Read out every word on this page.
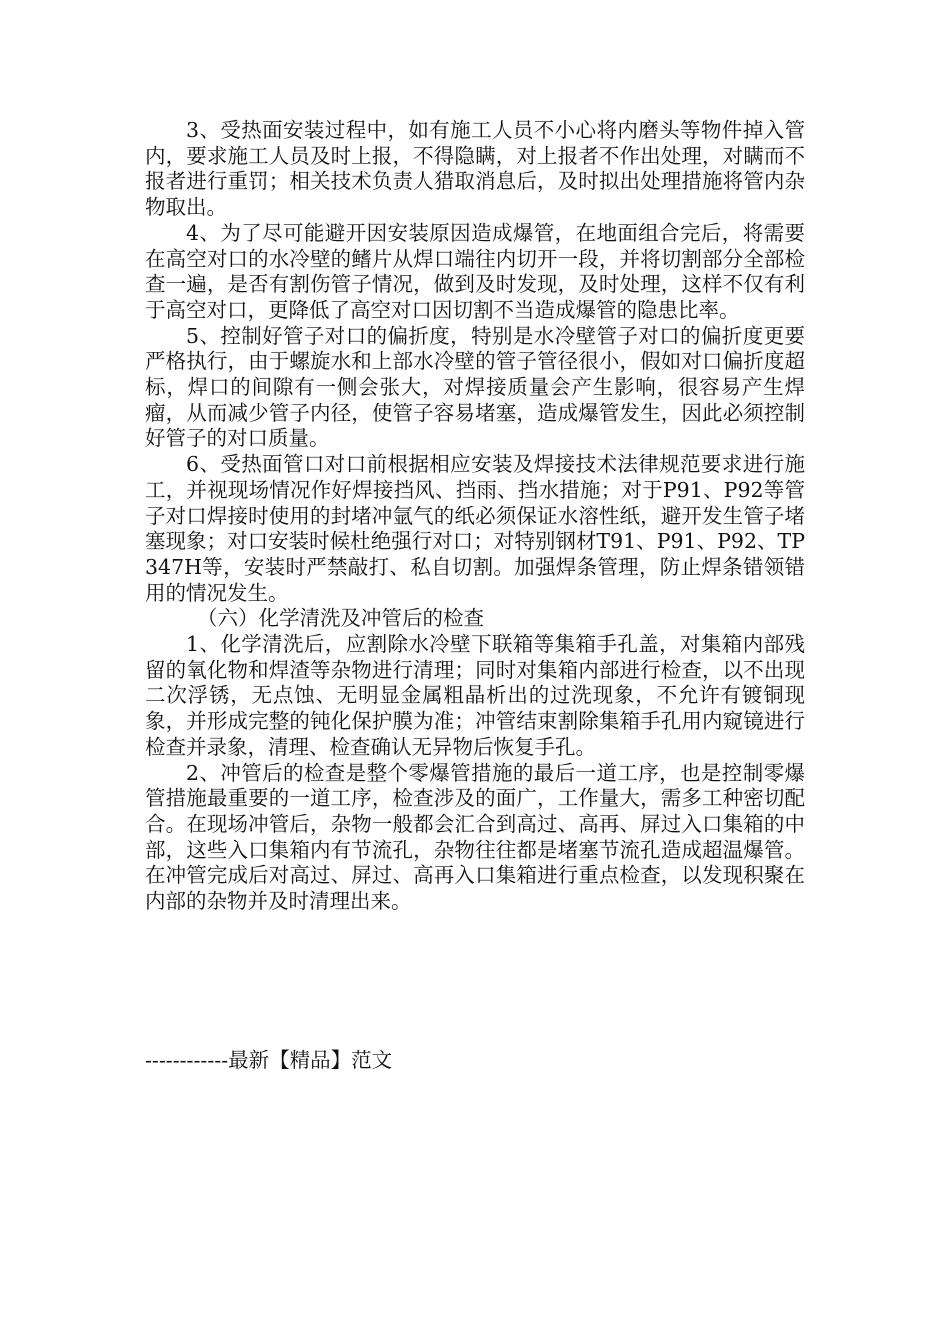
3、受热面安装过程中，如有施工人员不小心将内磨头等物件掉入管内，要求施工人员及时上报，不得隐瞒，对上报者不作出处理，对瞒而不报者进行重罚；相关技术负责人猎取消息后，及时拟出处理措施将管内杂物取出。

4、为了尽可能避开因安装原因造成爆管，在地面组合完后，将需要在高空对口的水冷壁的鳍片从焊口端往内切开一段，并将切割部分全部检查一遍，是否有割伤管子情况，做到及时发现，及时处理，这样不仅有利于高空对口，更降低了高空对口因切割不当造成爆管的隐患比率。

5、控制好管子对口的偏折度，特别是水冷壁管子对口的偏折度更要严格执行，由于螺旋水和上部水冷壁的管子管径很小，假如对口偏折度超标，焊口的间隙有一侧会张大，对焊接质量会产生影响，很容易产生焊瘤，从而减少管子内径，使管子容易堵塞，造成爆管发生，因此必须控制好管子的对口质量。

6、受热面管口对口前根据相应安装及焊接技术法律规范要求进行施工，并视现场情况作好焊接挡风、挡雨、挡水措施；对于P91、P92等管子对口焊接时使用的封堵冲氩气的纸必须保证水溶性纸，避开发生管子堵塞现象；对口安装时候杜绝强行对口；对特别钢材T91、P91、P92、TP347H等，安装时严禁敲打、私自切割。加强焊条管理，防止焊条错领错用的情况发生。

（六）化学清洗及冲管后的检查

1、化学清洗后，应割除水冷壁下联箱等集箱手孔盖，对集箱内部残留的氧化物和焊渣等杂物进行清理；同时对集箱内部进行检查，以不出现二次浮锈，无点蚀、无明显金属粗晶析出的过洗现象，不允许有镀铜现象，并形成完整的钝化保护膜为准；冲管结束割除集箱手孔用内窥镜进行检查并录象，清理、检查确认无异物后恢复手孔。

2、冲管后的检查是整个零爆管措施的最后一道工序，也是控制零爆管措施最重要的一道工序，检查涉及的面广，工作量大，需多工种密切配合。在现场冲管后，杂物一般都会汇合到高过、高再、屏过入口集箱的中部，这些入口集箱内有节流孔，杂物往往都是堵塞节流孔造成超温爆管。在冲管完成后对高过、屏过、高再入口集箱进行重点检查，以发现积聚在内部的杂物并及时清理出来。

------------最新【精品】范文
